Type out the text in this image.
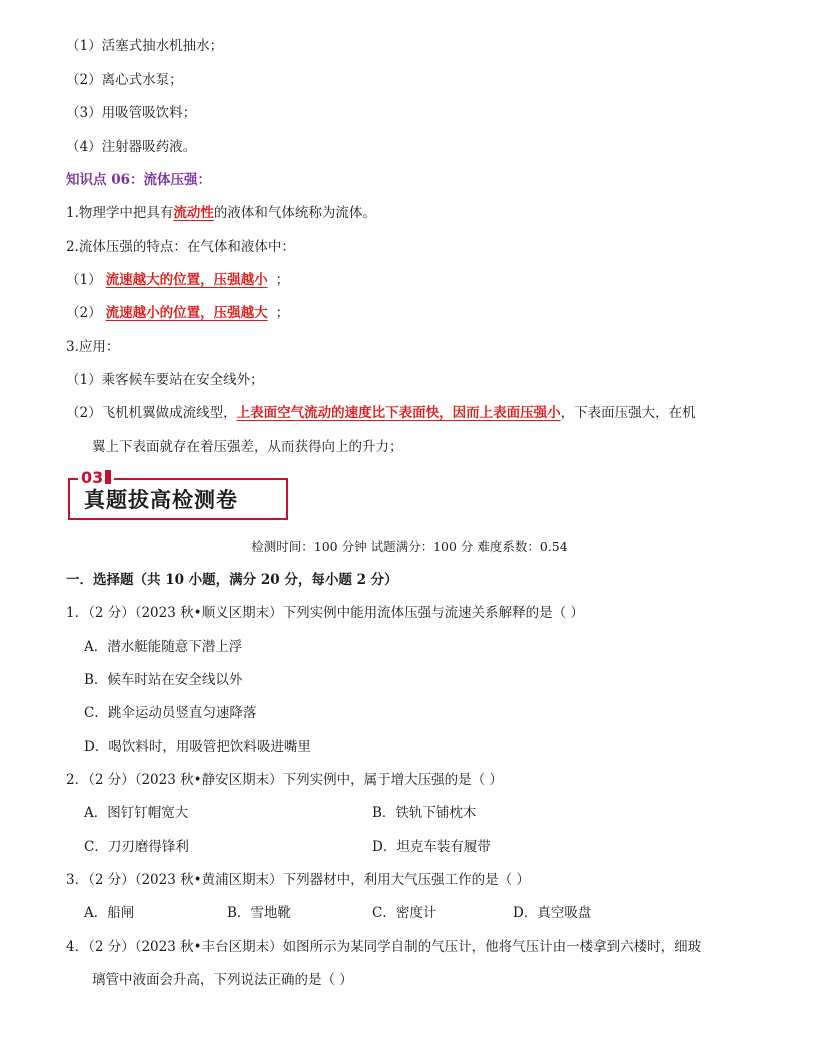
（1）活塞式抽水机抽水；
（2）离心式水泵；
（3）用吸管吸饮料；
（4）注射器吸药液。
知识点 06：流体压强：
1.物理学中把具有流动性的液体和气体统称为流体。
2.流体压强的特点：在气体和液体中：
（1） 流速越大的位置，压强越小 ；
（2） 流速越小的位置，压强越大 ；
3.应用：
（1）乘客候车要站在安全线外；
（2）飞机机翼做成流线型，上表面空气流动的速度比下表面快，因而上表面压强小，下表面压强大，在机
翼上下表面就存在着压强差，从而获得向上的升力；
03
真题拔高检测卷
检测时间：100 分钟 试题满分：100 分 难度系数：0.54
一．选择题（共 10 小题，满分 20 分，每小题 2 分）
1．（2 分）（2023 秋•顺义区期末）下列实例中能用流体压强与流速关系解释的是（ ）
A．潜水艇能随意下潜上浮
B．候车时站在安全线以外
C．跳伞运动员竖直匀速降落
D．喝饮料时，用吸管把饮料吸进嘴里
2．（2 分）（2023 秋•静安区期末）下列实例中，属于增大压强的是（ ）
A．图钉钉帽宽大	B．铁轨下铺枕木
C．刀刃磨得锋利	D．坦克车装有履带
3．（2 分）（2023 秋•黄浦区期末）下列器材中，利用大气压强工作的是（ ）
A．船闸	B．雪地靴	C．密度计	D．真空吸盘
4．（2 分）（2023 秋•丰台区期末）如图所示为某同学自制的气压计，他将气压计由一楼拿到六楼时，细玻
璃管中液面会升高，下列说法正确的是（ ）
